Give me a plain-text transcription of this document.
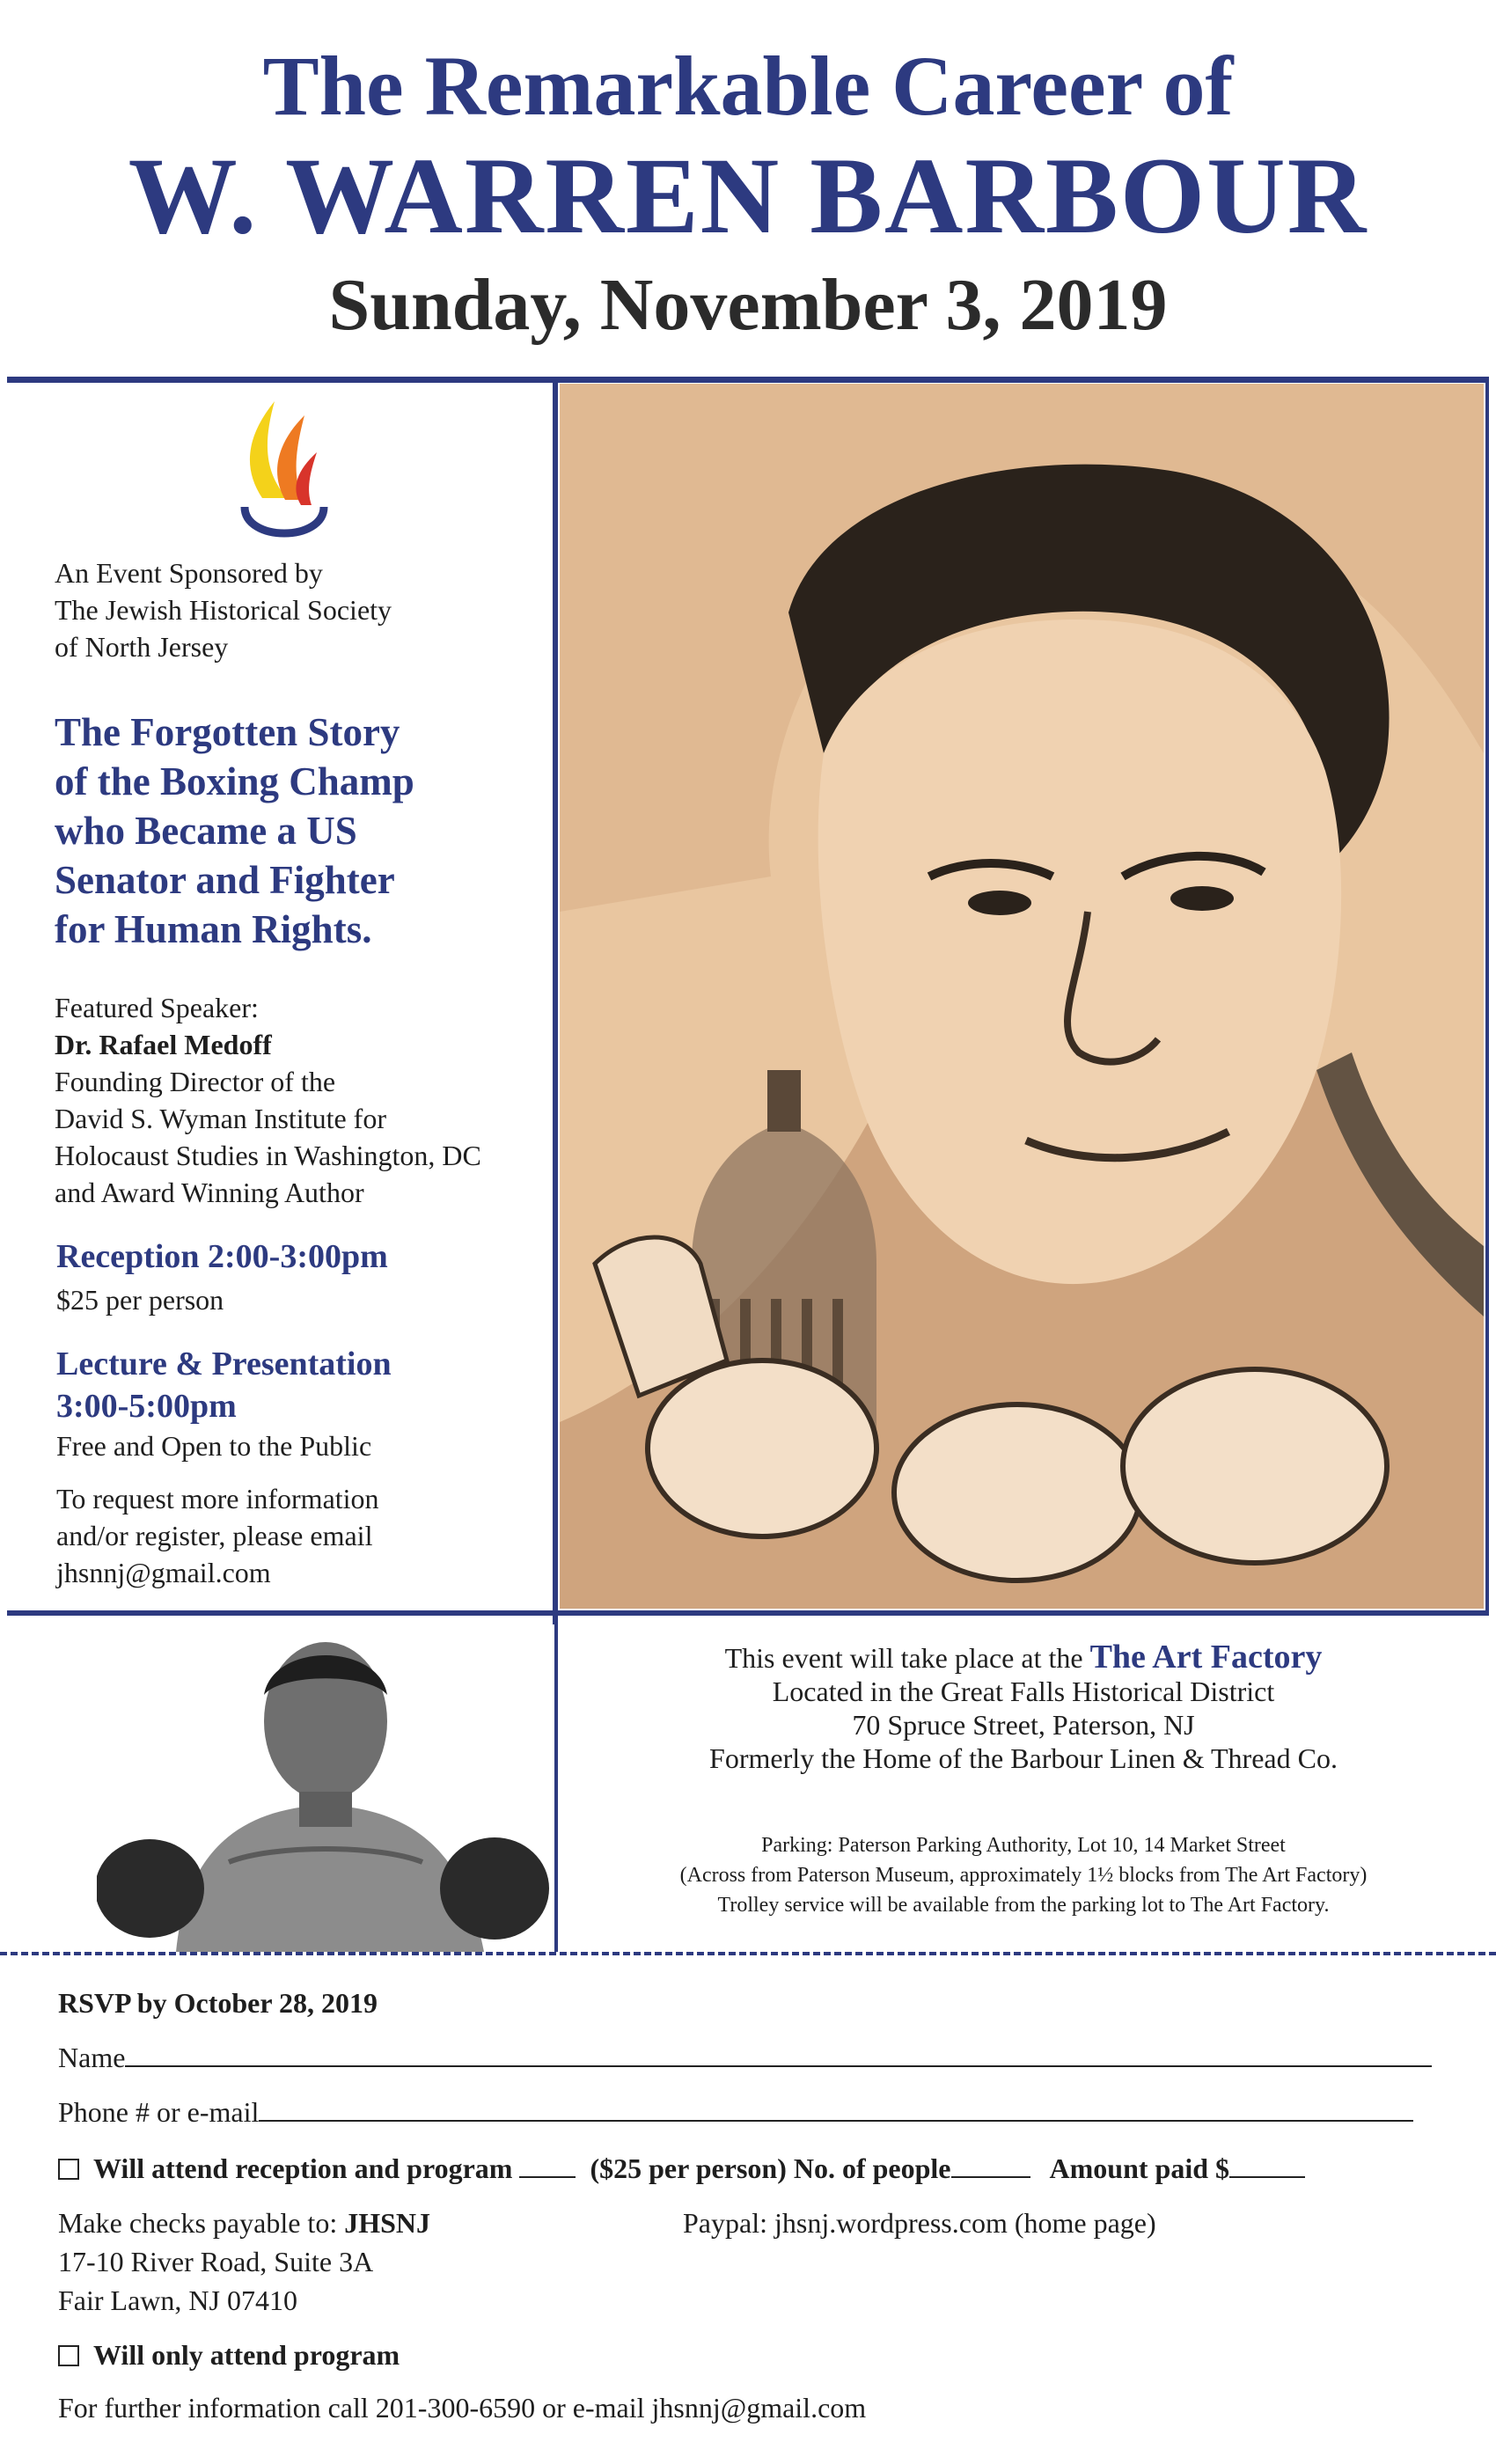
The Remarkable Career of
W. WARREN BARBOUR
Sunday, November 3, 2019

An Event Sponsored by

The Jewish Historical Society

of North Jersey

The Forgotten Story

of the Boxing Champ

who Became a US

Senator and Fighter

for Human Rights.

Featured Speaker:

Dr. Rafael Medoff

Founding Director of the

David S. Wyman Institute for

Holocaust Studies in Washington, DC

and Award Winning Author

Reception 2:00-3:00pm

$25 per person

Lecture & Presentation

3:00-5:00pm

Free and Open to the Public

To request more information

and/or register, please email

jhsnnj@gmail.com

This event will take place at the The Art Factory
Located in the Great Falls Historical District
70 Spruce Street, Paterson, NJ
Formerly the Home of the Barbour Linen & Thread Co.
Parking: Paterson Parking Authority, Lot 10, 14 Market Street
(Across from Paterson Museum, approximately 1½ blocks from The Art Factory)
Trolley service will be available from the parking lot to The Art Factory.
RSVP by October 28, 2019
Name
Phone # or e-mail
Will attend reception and program	($25 per person) No. of people	Amount paid $
Make checks payable to: JHSNJ
17-10 River Road, Suite 3A
Fair Lawn, NJ 07410
Paypal: jhsnj.wordpress.com (home page)
Will only attend program
For further information call 201-300-6590 or e-mail jhsnnj@gmail.com
